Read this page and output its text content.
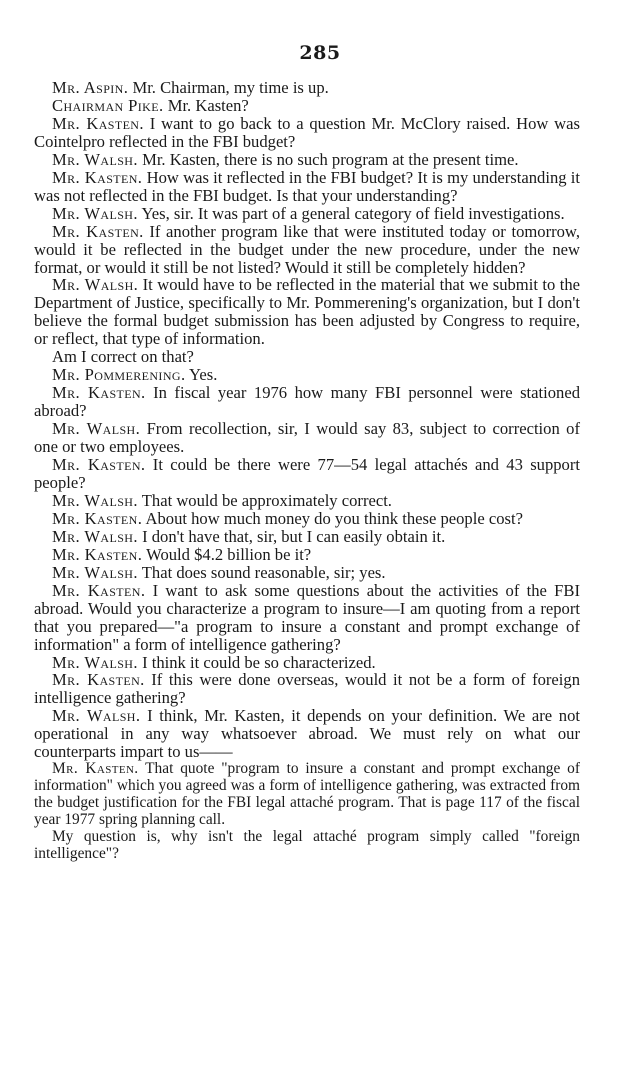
285

Mr. Aspin. Mr. Chairman, my time is up.

Chairman Pike. Mr. Kasten?

Mr. Kasten. I want to go back to a question Mr. McClory raised. How was Cointelpro reflected in the FBI budget?

Mr. Walsh. Mr. Kasten, there is no such program at the present time.

Mr. Kasten. How was it reflected in the FBI budget? It is my understanding it was not reflected in the FBI budget. Is that your understanding?

Mr. Walsh. Yes, sir. It was part of a general category of field investigations.

Mr. Kasten. If another program like that were instituted today or tomorrow, would it be reflected in the budget under the new procedure, under the new format, or would it still be not listed? Would it still be completely hidden?

Mr. Walsh. It would have to be reflected in the material that we submit to the Department of Justice, specifically to Mr. Pommerening's organization, but I don't believe the formal budget submission has been adjusted by Congress to require, or reflect, that type of information.

Am I correct on that?

Mr. Pommerening. Yes.

Mr. Kasten. In fiscal year 1976 how many FBI personnel were stationed abroad?

Mr. Walsh. From recollection, sir, I would say 83, subject to correction of one or two employees.

Mr. Kasten. It could be there were 77—54 legal attachés and 43 support people?

Mr. Walsh. That would be approximately correct.

Mr. Kasten. About how much money do you think these people cost?

Mr. Walsh. I don't have that, sir, but I can easily obtain it.

Mr. Kasten. Would $4.2 billion be it?

Mr. Walsh. That does sound reasonable, sir; yes.

Mr. Kasten. I want to ask some questions about the activities of the FBI abroad. Would you characterize a program to insure—I am quoting from a report that you prepared—"a program to insure a constant and prompt exchange of information" a form of intelligence gathering?

Mr. Walsh. I think it could be so characterized.

Mr. Kasten. If this were done overseas, would it not be a form of foreign intelligence gathering?

Mr. Walsh. I think, Mr. Kasten, it depends on your definition. We are not operational in any way whatsoever abroad. We must rely on what our counterparts impart to us——

Mr. Kasten. That quote "program to insure a constant and prompt exchange of information" which you agreed was a form of intelligence gathering, was extracted from the budget justification for the FBI legal attaché program. That is page 117 of the fiscal year 1977 spring planning call.

My question is, why isn't the legal attaché program simply called "foreign intelligence"?
